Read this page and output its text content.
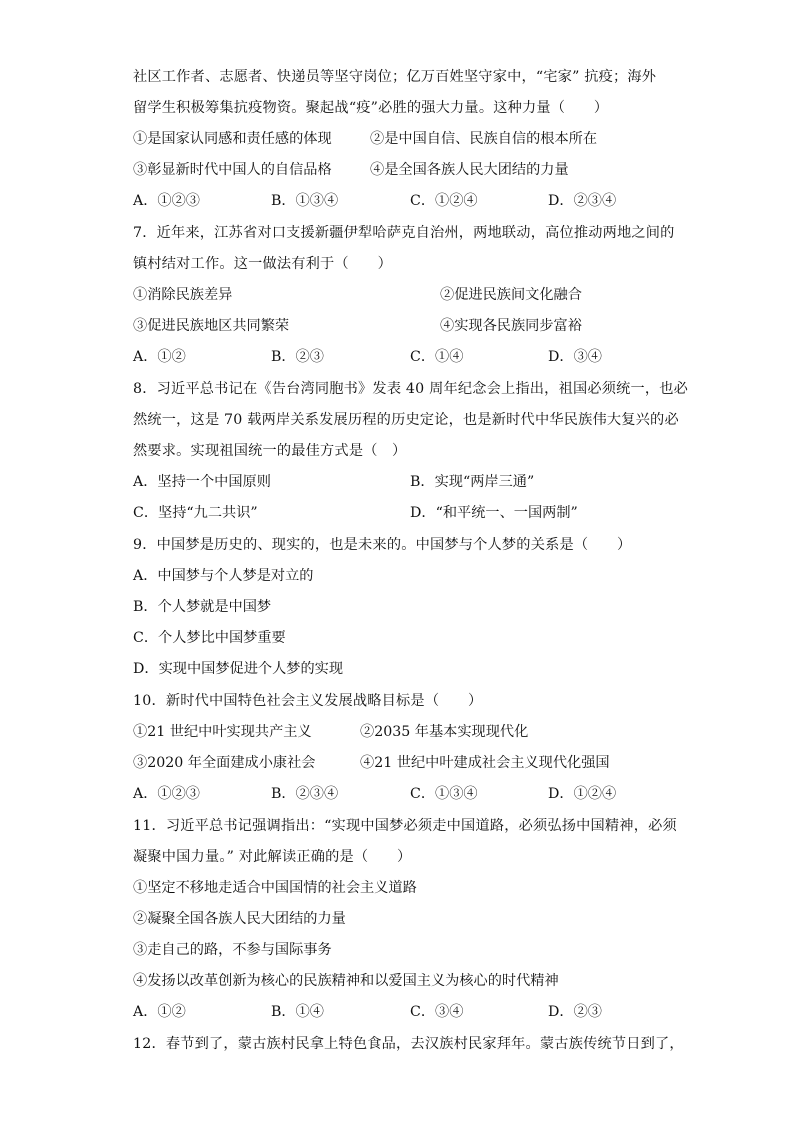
社区工作者、志愿者、快递员等坚守岗位；亿万百姓坚守家中，“宅家” 抗疫；海外
留学生积极筹集抗疫物资。聚起战“疫”必胜的强大力量。这种力量（　　）
①是国家认同感和责任感的体现	②是中国自信、民族自信的根本所在
③彰显新时代中国人的自信品格	④是全国各族人民大团结的力量
A．①②③	B．①③④	C．①②④	D．②③④
7．近年来，江苏省对口支援新疆伊犁哈萨克自治州，两地联动，高位推动两地之间的
镇村结对工作。这一做法有利于（　　）
①消除民族差异	②促进民族间文化融合
③促进民族地区共同繁荣	④实现各民族同步富裕
A．①②	B．②③	C．①④	D．③④
8．习近平总书记在《告台湾同胞书》发表 40 周年纪念会上指出，祖国必须统一，也必
然统一，这是 70 载两岸关系发展历程的历史定论，也是新时代中华民族伟大复兴的必
然要求。实现祖国统一的最佳方式是（　）
A．坚持一个中国原则	B．实现“两岸三通”
C．坚持“九二共识”	D．“和平统一、一国两制”
9．中国梦是历史的、现实的，也是未来的。中国梦与个人梦的关系是（　　）
A．中国梦与个人梦是对立的
B．个人梦就是中国梦
C．个人梦比中国梦重要
D．实现中国梦促进个人梦的实现
10．新时代中国特色社会主义发展战略目标是（　　）
①21 世纪中叶实现共产主义	②2035 年基本实现现代化
③2020 年全面建成小康社会	④21 世纪中叶建成社会主义现代化强国
A．①②③	B．②③④	C．①③④	D．①②④
11．习近平总书记强调指出：“实现中国梦必须走中国道路，必须弘扬中国精神，必须
凝聚中国力量。” 对此解读正确的是（　　）
①坚定不移地走适合中国国情的社会主义道路
②凝聚全国各族人民大团结的力量
③走自己的路，不参与国际事务
④发扬以改革创新为核心的民族精神和以爱国主义为核心的时代精神
A．①②	B．①④	C．③④	D．②③
12．春节到了，蒙古族村民拿上特色食品，去汉族村民家拜年。蒙古族传统节日到了，
